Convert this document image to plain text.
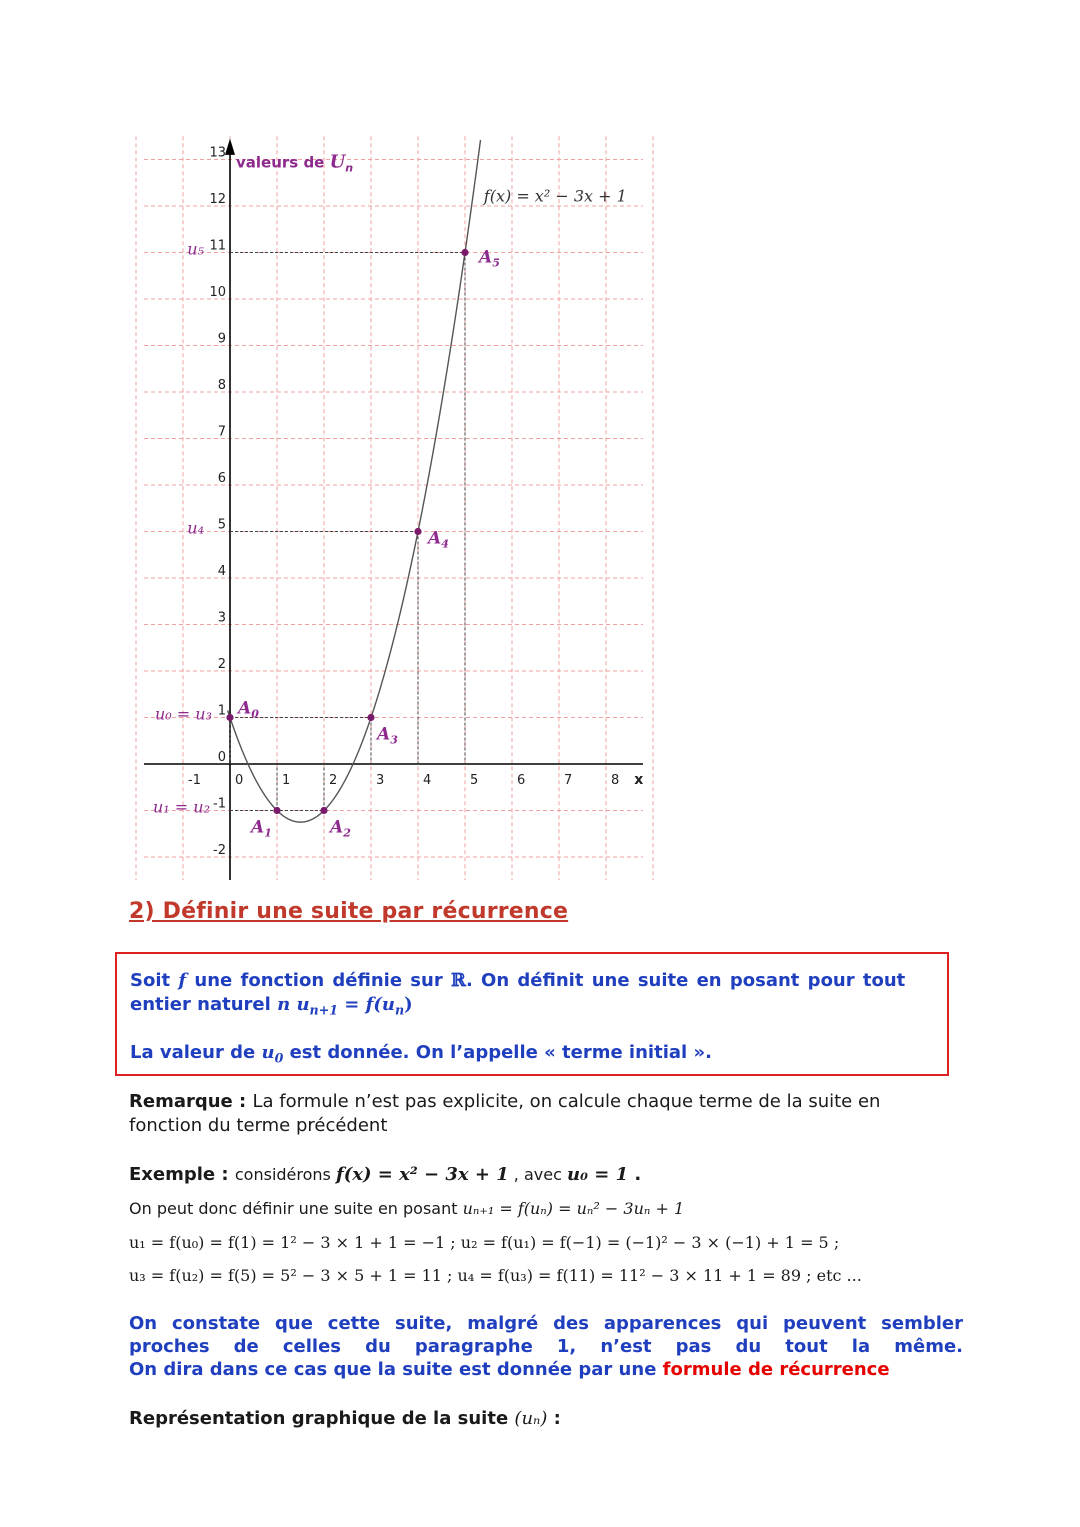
-1	0	1	2	3	4	5	6	7	8 x
13
12
11
10
9
8
7
6
5
4
3
2
1
0
-1
-2
$A_0$
$A_1$	$A_2$
$A_3$
$A_4$
$A_5$
u₅
u₄
u₀ = u₃
u₁ = u₂
valeurs de $U_n$
f(x) = x² − 3x + 1
2) Définir une suite par récurrence
Soit f une fonction définie sur ℝ. On définit une suite en posant pour tout
entier naturel n $u_{n+1} = f(u_n)$
La valeur de $u_0$ est donnée. On l’appelle « terme initial ».
Remarque : La formule n’est pas explicite, on calcule chaque terme de la suite en
fonction du terme précédent
Exemple : considérons f(x) = x² − 3x + 1 , avec u₀ = 1 .
On peut donc définir une suite en posant uₙ₊₁ = f(uₙ) = uₙ² − 3uₙ + 1
u₁ = f(u₀) = f(1) = 1² − 3 × 1 + 1 = −1 ; u₂ = f(u₁) = f(−1) = (−1)² − 3 × (−1) + 1 = 5 ;
u₃ = f(u₂) = f(5) = 5² − 3 × 5 + 1 = 11 ; u₄ = f(u₃) = f(11) = 11² − 3 × 11 + 1 = 89 ; etc ...
On constate que cette suite, malgré des apparences qui peuvent sembler
proches de celles du paragraphe 1, n’est pas du tout la même.
On dira dans ce cas que la suite est donnée par une formule de récurrence
Représentation graphique de la suite (uₙ) :
